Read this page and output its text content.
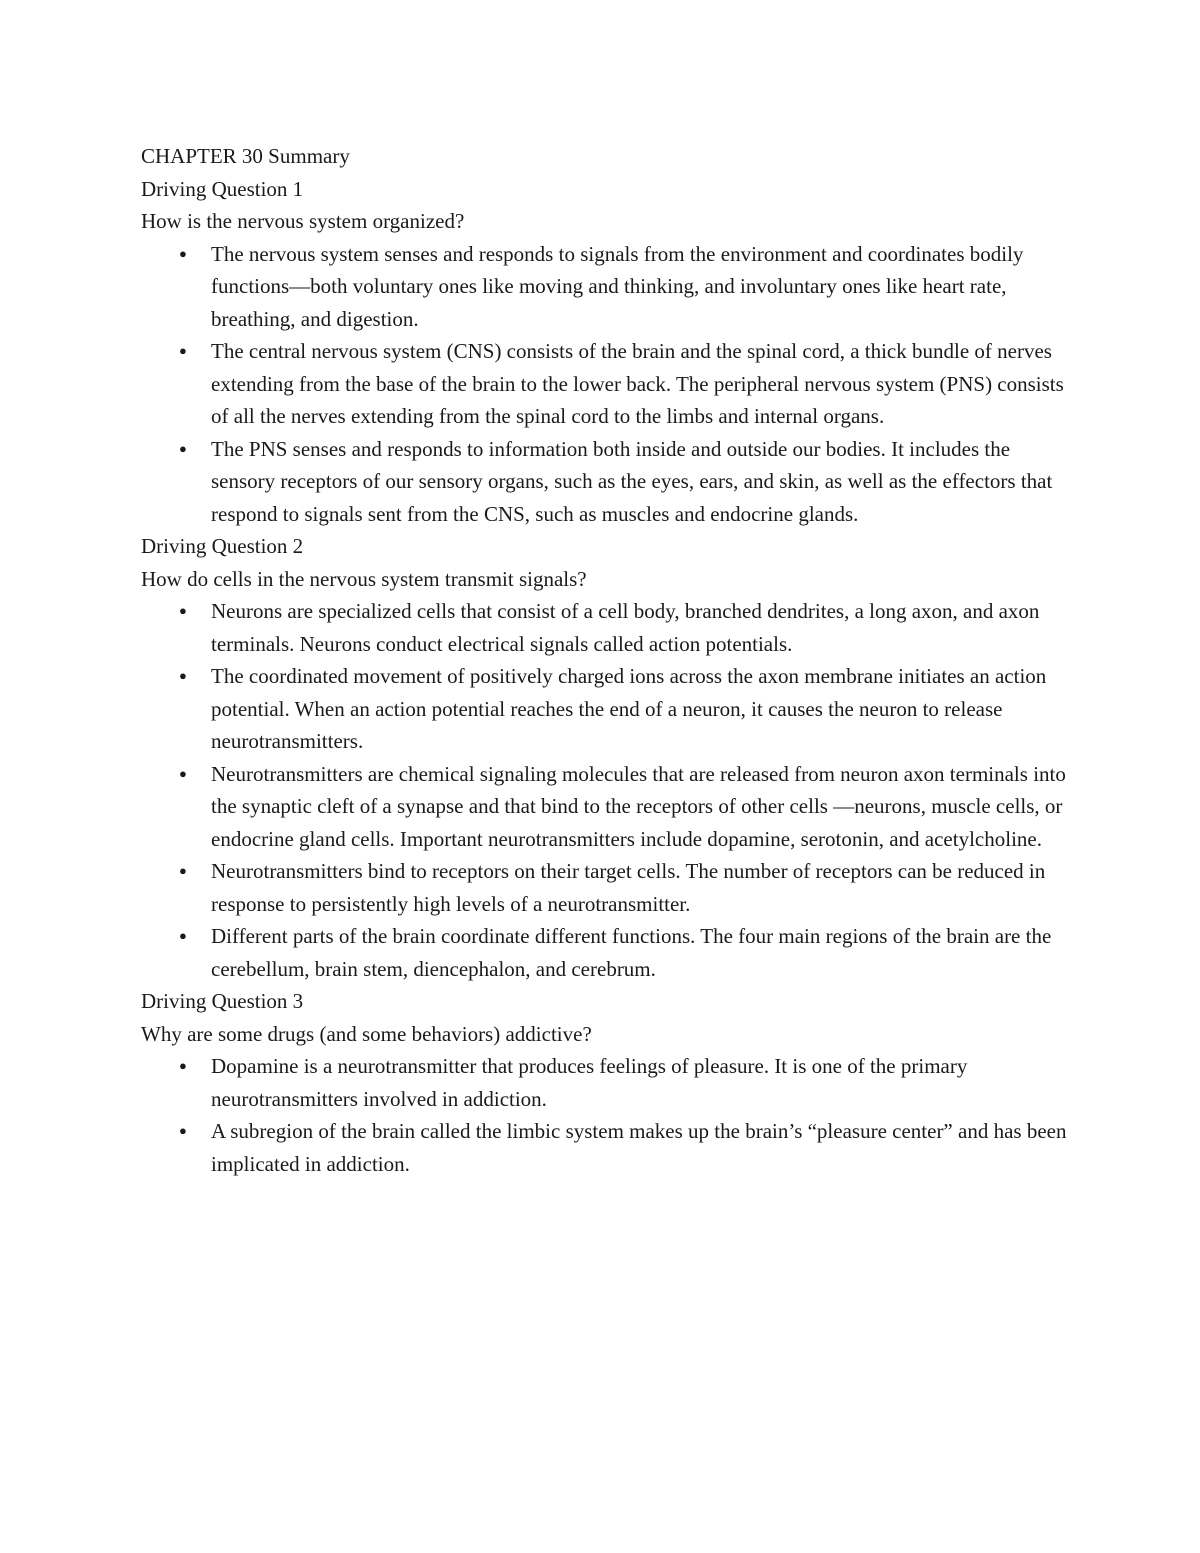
CHAPTER 30 Summary

Driving Question 1

How is the nervous system organized?

● The nervous system senses and responds to signals from the environment and coordinates bodily functions—both voluntary ones like moving and thinking, and involuntary ones like heart rate, breathing, and digestion.
● The central nervous system (CNS) consists of the brain and the spinal cord, a thick bundle of nerves extending from the base of the brain to the lower back. The peripheral nervous system (PNS) consists of all the nerves extending from the spinal cord to the limbs and internal organs.
● The PNS senses and responds to information both inside and outside our bodies. It includes the sensory receptors of our sensory organs, such as the eyes, ears, and skin, as well as the effectors that respond to signals sent from the CNS, such as muscles and endocrine glands.

Driving Question 2

How do cells in the nervous system transmit signals?

● Neurons are specialized cells that consist of a cell body, branched dendrites, a long axon, and axon terminals. Neurons conduct electrical signals called action potentials.
● The coordinated movement of positively charged ions across the axon membrane initiates an action potential. When an action potential reaches the end of a neuron, it causes the neuron to release neurotransmitters.
● Neurotransmitters are chemical signaling molecules that are released from neuron axon terminals into the synaptic cleft of a synapse and that bind to the receptors of other cells —neurons, muscle cells, or endocrine gland cells. Important neurotransmitters include dopamine, serotonin, and acetylcholine.
● Neurotransmitters bind to receptors on their target cells. The number of receptors can be reduced in response to persistently high levels of a neurotransmitter.
● Different parts of the brain coordinate different functions. The four main regions of the brain are the cerebellum, brain stem, diencephalon, and cerebrum.

Driving Question 3

Why are some drugs (and some behaviors) addictive?

● Dopamine is a neurotransmitter that produces feelings of pleasure. It is one of the primary neurotransmitters involved in addiction.
● A subregion of the brain called the limbic system makes up the brain’s “pleasure center” and has been implicated in addiction.
